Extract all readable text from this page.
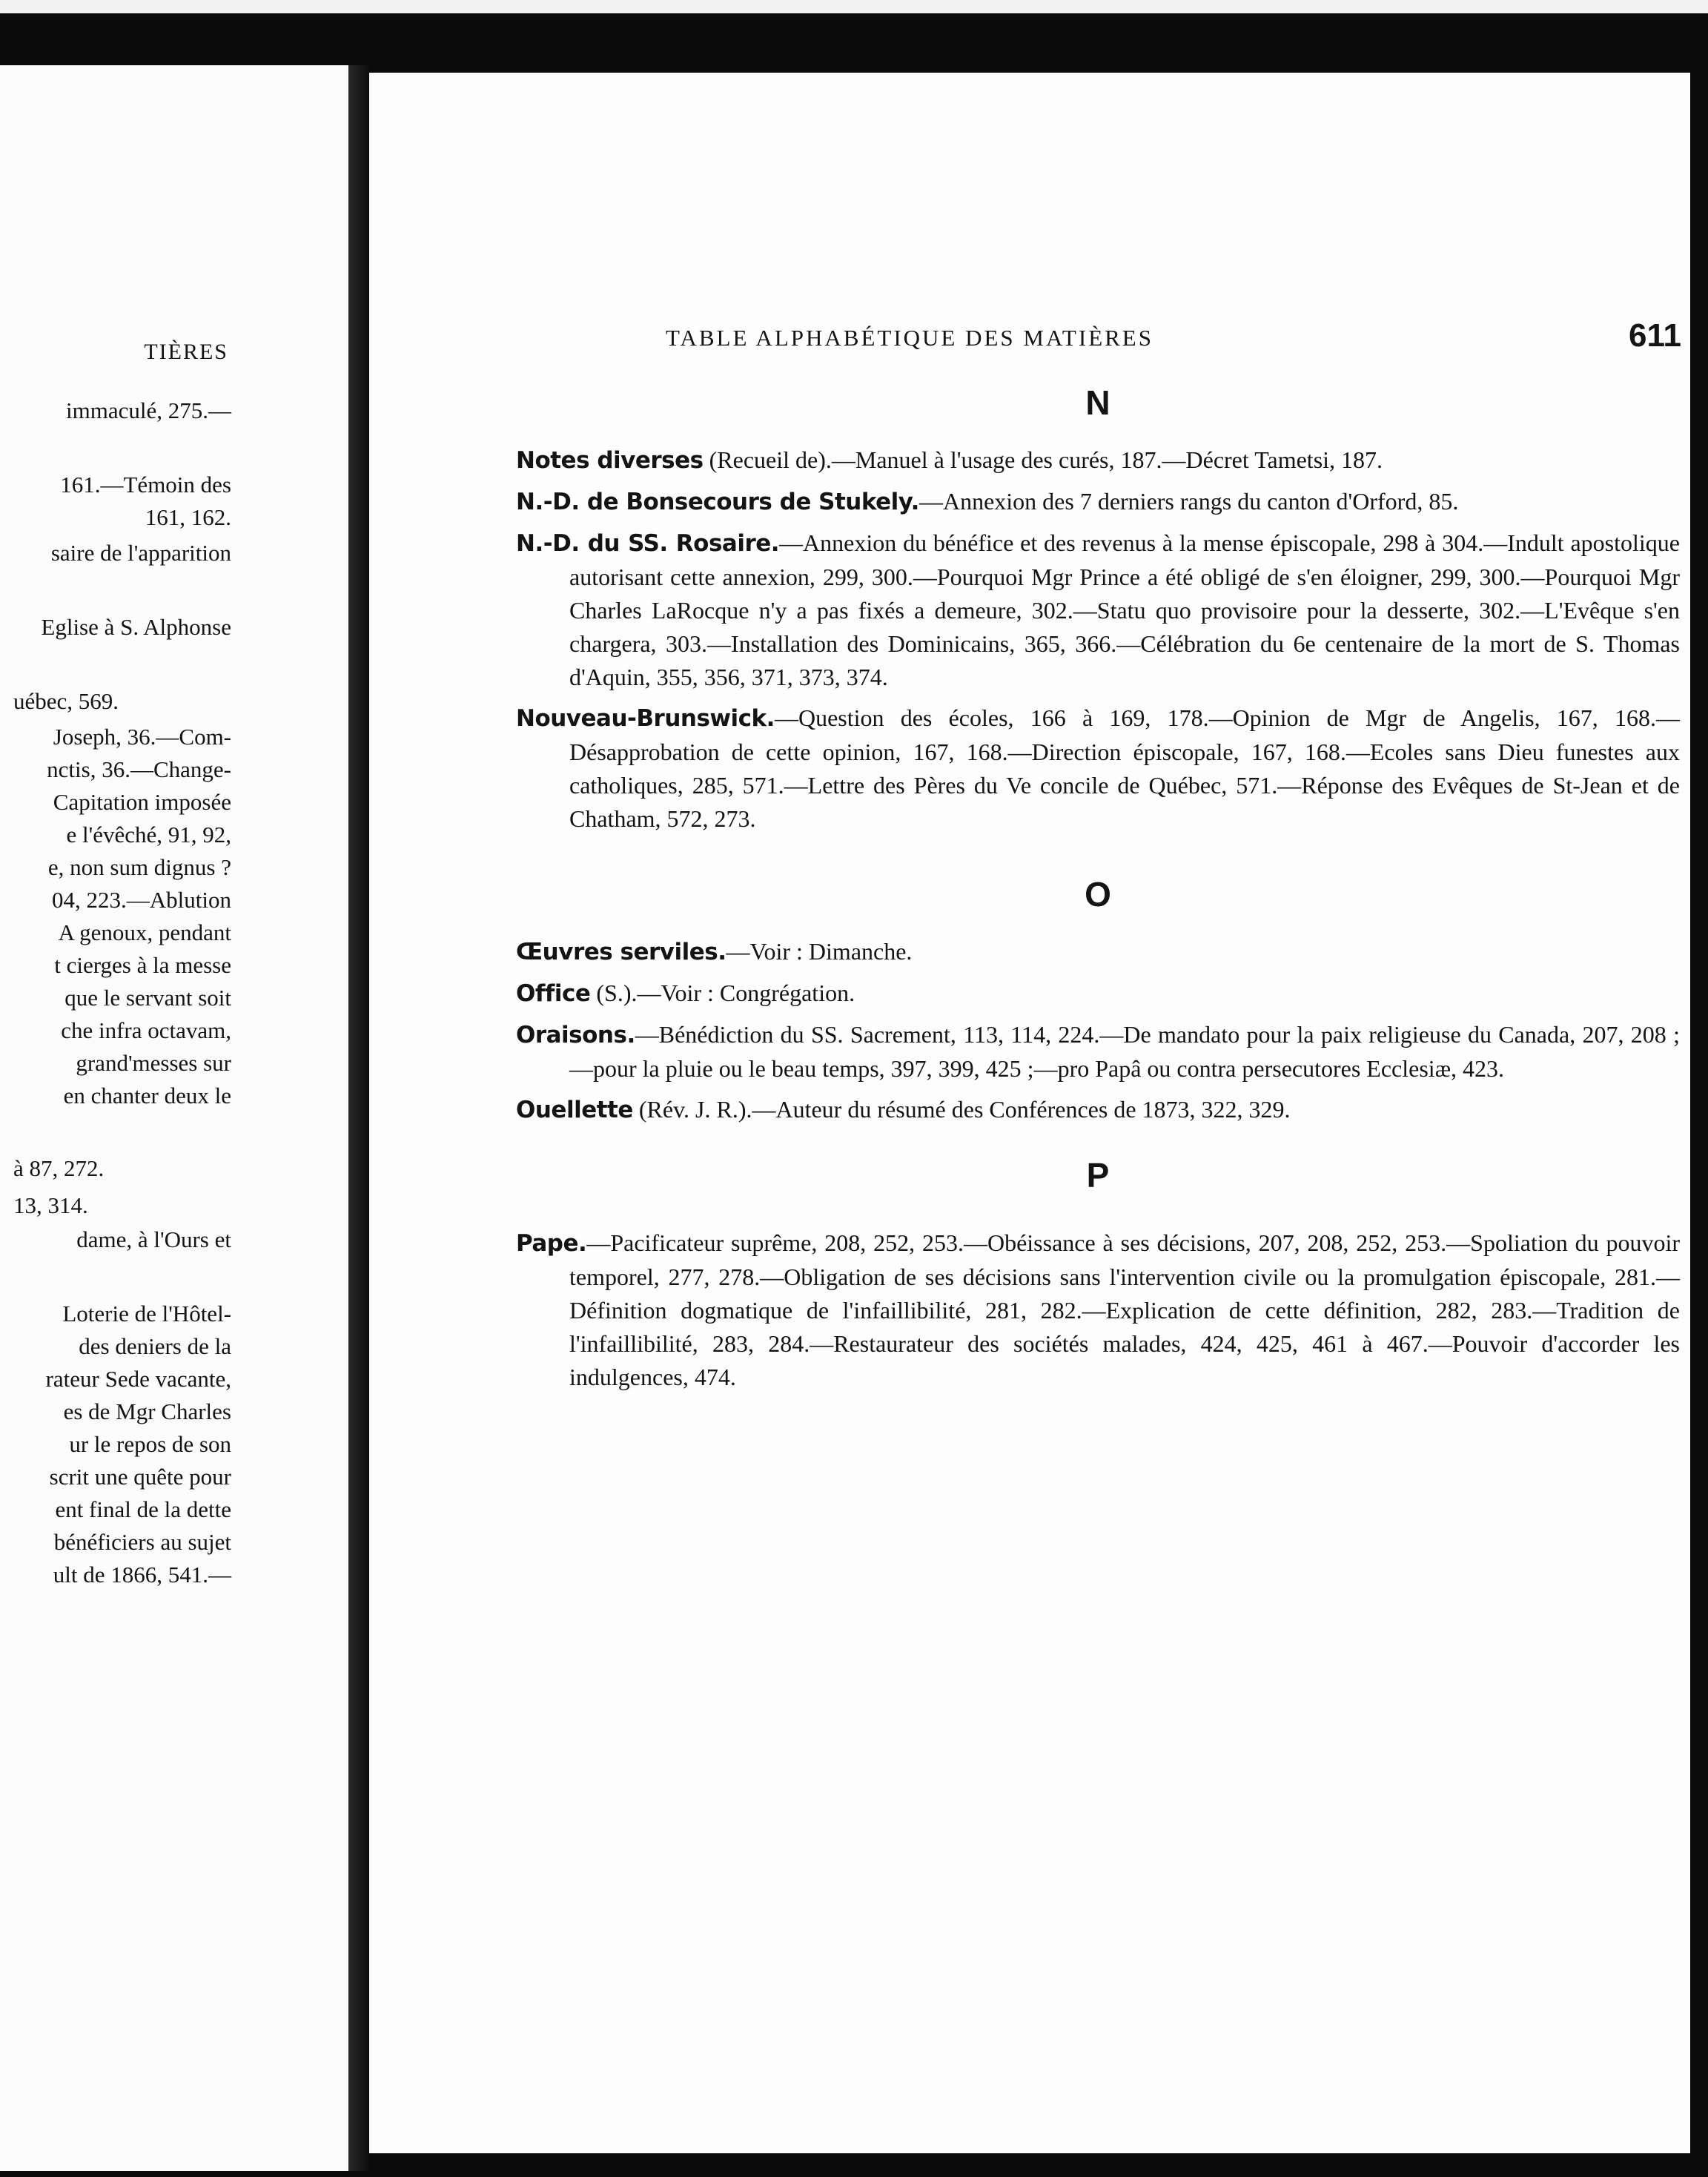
TIÈRES
immaculé, 275.—
161.—Témoin des
161, 162.
saire de l'apparition
Eglise à S. Alphonse
uébec, 569.
Joseph, 36.—Com-
nctis, 36.—Change-
Capitation imposée
e l'évêché, 91, 92,
e, non sum dignus ?
04, 223.—Ablution
A genoux, pendant
t cierges à la messe
que le servant soit
che infra octavam,
grand'messes sur
en chanter deux le
à 87, 272.
13, 314.
dame, à l'Ours et
Loterie de l'Hôtel-
des deniers de la
rateur Sede vacante,
es de Mgr Charles
ur le repos de son
scrit une quête pour
ent final de la dette
bénéficiers au sujet
ult de 1866, 541.—
TABLE ALPHABÉTIQUE DES MATIÈRES	611
N

Notes diverses (Recueil de).—Manuel à l'usage des curés, 187.—Décret Tametsi, 187.

N.-D. de Bonsecours de Stukely.—Annexion des 7 derniers rangs du canton d'Orford, 85.

N.-D. du SS. Rosaire.—Annexion du bénéfice et des revenus à la mense épiscopale, 298 à 304.—Indult apostolique autorisant cette annexion, 299, 300.—Pourquoi Mgr Prince a été obligé de s'en éloigner, 299, 300.—Pourquoi Mgr Charles LaRocque n'y a pas fixés a demeure, 302.—Statu quo provisoire pour la desserte, 302.—L'Evêque s'en chargera, 303.—Installation des Dominicains, 365, 366.—Célébration du 6e centenaire de la mort de S. Thomas d'Aquin, 355, 356, 371, 373, 374.

Nouveau-Brunswick.—Question des écoles, 166 à 169, 178.—Opinion de Mgr de Angelis, 167, 168.—Désapprobation de cette opinion, 167, 168.—Direction épiscopale, 167, 168.—Ecoles sans Dieu funestes aux catholiques, 285, 571.—Lettre des Pères du Ve concile de Québec, 571.—Réponse des Evêques de St-Jean et de Chatham, 572, 273.

O

Œuvres serviles.—Voir : Dimanche.

Office (S.).—Voir : Congrégation.

Oraisons.—Bénédiction du SS. Sacrement, 113, 114, 224.—De mandato pour la paix religieuse du Canada, 207, 208 ;—pour la pluie ou le beau temps, 397, 399, 425 ;—pro Papâ ou contra persecutores Ecclesiæ, 423.

Ouellette (Rév. J. R.).—Auteur du résumé des Conférences de 1873, 322, 329.

P

Pape.—Pacificateur suprême, 208, 252, 253.—Obéissance à ses décisions, 207, 208, 252, 253.—Spoliation du pouvoir temporel, 277, 278.—Obligation de ses décisions sans l'intervention civile ou la promulgation épiscopale, 281.—Définition dogmatique de l'infaillibilité, 281, 282.—Explication de cette définition, 282, 283.—Tradition de l'infaillibilité, 283, 284.—Restaurateur des sociétés malades, 424, 425, 461 à 467.—Pouvoir d'accorder les indulgences, 474.
